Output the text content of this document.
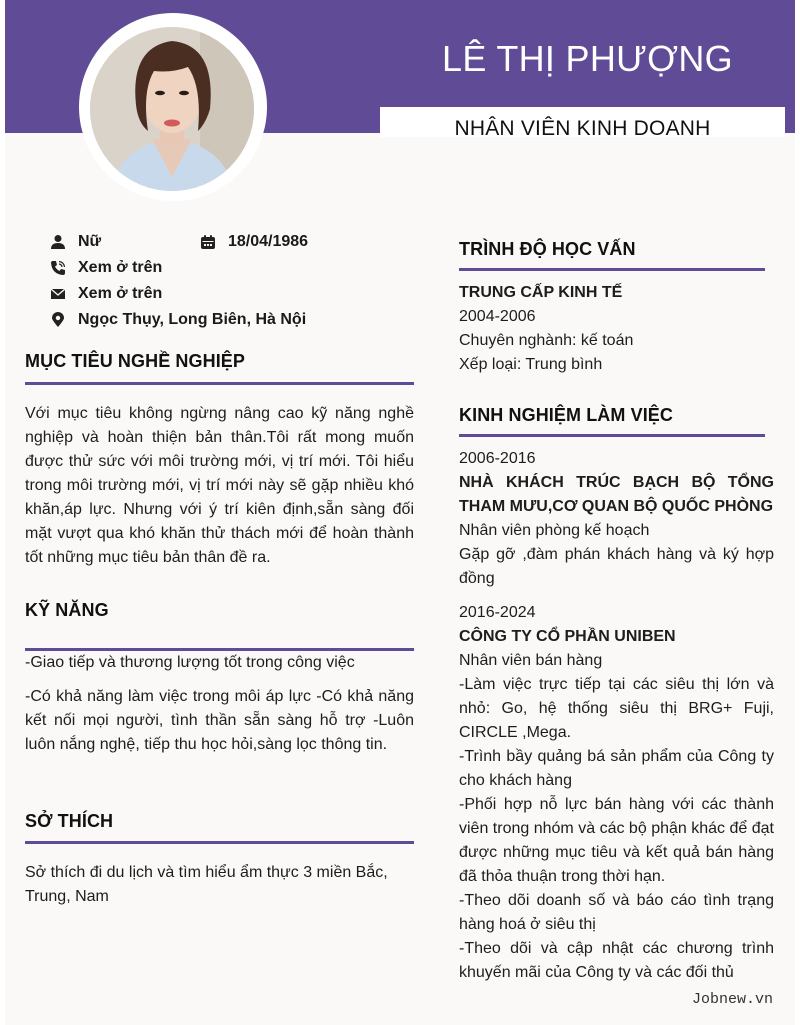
LÊ THỊ PHƯỢNG
NHÂN VIÊN KINH DOANH
Nữ	18/04/1986
Xem ở trên
Xem ở trên
Ngọc Thụy, Long Biên, Hà Nội
MỤC TIÊU NGHỀ NGHIỆP
Với mục tiêu không ngừng nâng cao kỹ năng nghề nghiệp và hoàn thiện bản thân.Tôi rất mong muốn được thử sức với môi trường mới, vị trí mới. Tôi hiểu trong môi trường mới, vị trí mới này sẽ gặp nhiều khó khăn,áp lực. Nhưng với ý trí kiên định,sẵn sàng đối mặt vượt qua khó khăn thử thách mới để hoàn thành tốt những mục tiêu bản thân đề ra.
KỸ NĂNG
-Giao tiếp và thương lượng tốt trong công việc
-Có khả năng làm việc trong môi áp lực -Có khả năng kết nối mọi người, tình thần sẵn sàng hỗ trợ -Luôn luôn nắng nghệ, tiếp thu học hỏi,sàng lọc thông tin.
SỞ THÍCH
Sở thích đi du lịch và tìm hiểu ẩm thực 3 miền Bắc, Trung, Nam
TRÌNH ĐỘ HỌC VẤN
TRUNG CẤP KINH TẾ
2004-2006
Chuyên nghành: kế toán
Xếp loại: Trung bình
KINH NGHIỆM LÀM VIỆC
2006-2016
NHÀ KHÁCH TRÚC BẠCH BỘ TỔNG THAM MƯU,CƠ QUAN BỘ QUỐC PHÒNG
Nhân viên phòng kế hoạch
Gặp gỡ ,đàm phán khách hàng và ký hợp đồng
2016-2024
CÔNG TY CỔ PHẦN UNIBEN
Nhân viên bán hàng
-Làm việc trực tiếp tại các siêu thị lớn và nhỏ: Go, hệ thống siêu thị BRG+ Fuji, CIRCLE ,Mega.
-Trình bầy quảng bá sản phẩm của Công ty cho khách hàng
-Phối hợp nỗ lực bán hàng với các thành viên trong nhóm và các bộ phận khác để đạt được những mục tiêu và kết quả bán hàng đã thỏa thuận trong thời hạn.
-Theo dõi doanh số và báo cáo tình trạng hàng hoá ở siêu thị
-Theo dõi và cập nhật các chương trình khuyến mãi của Công ty và các đối thủ
Jobnew.vn
